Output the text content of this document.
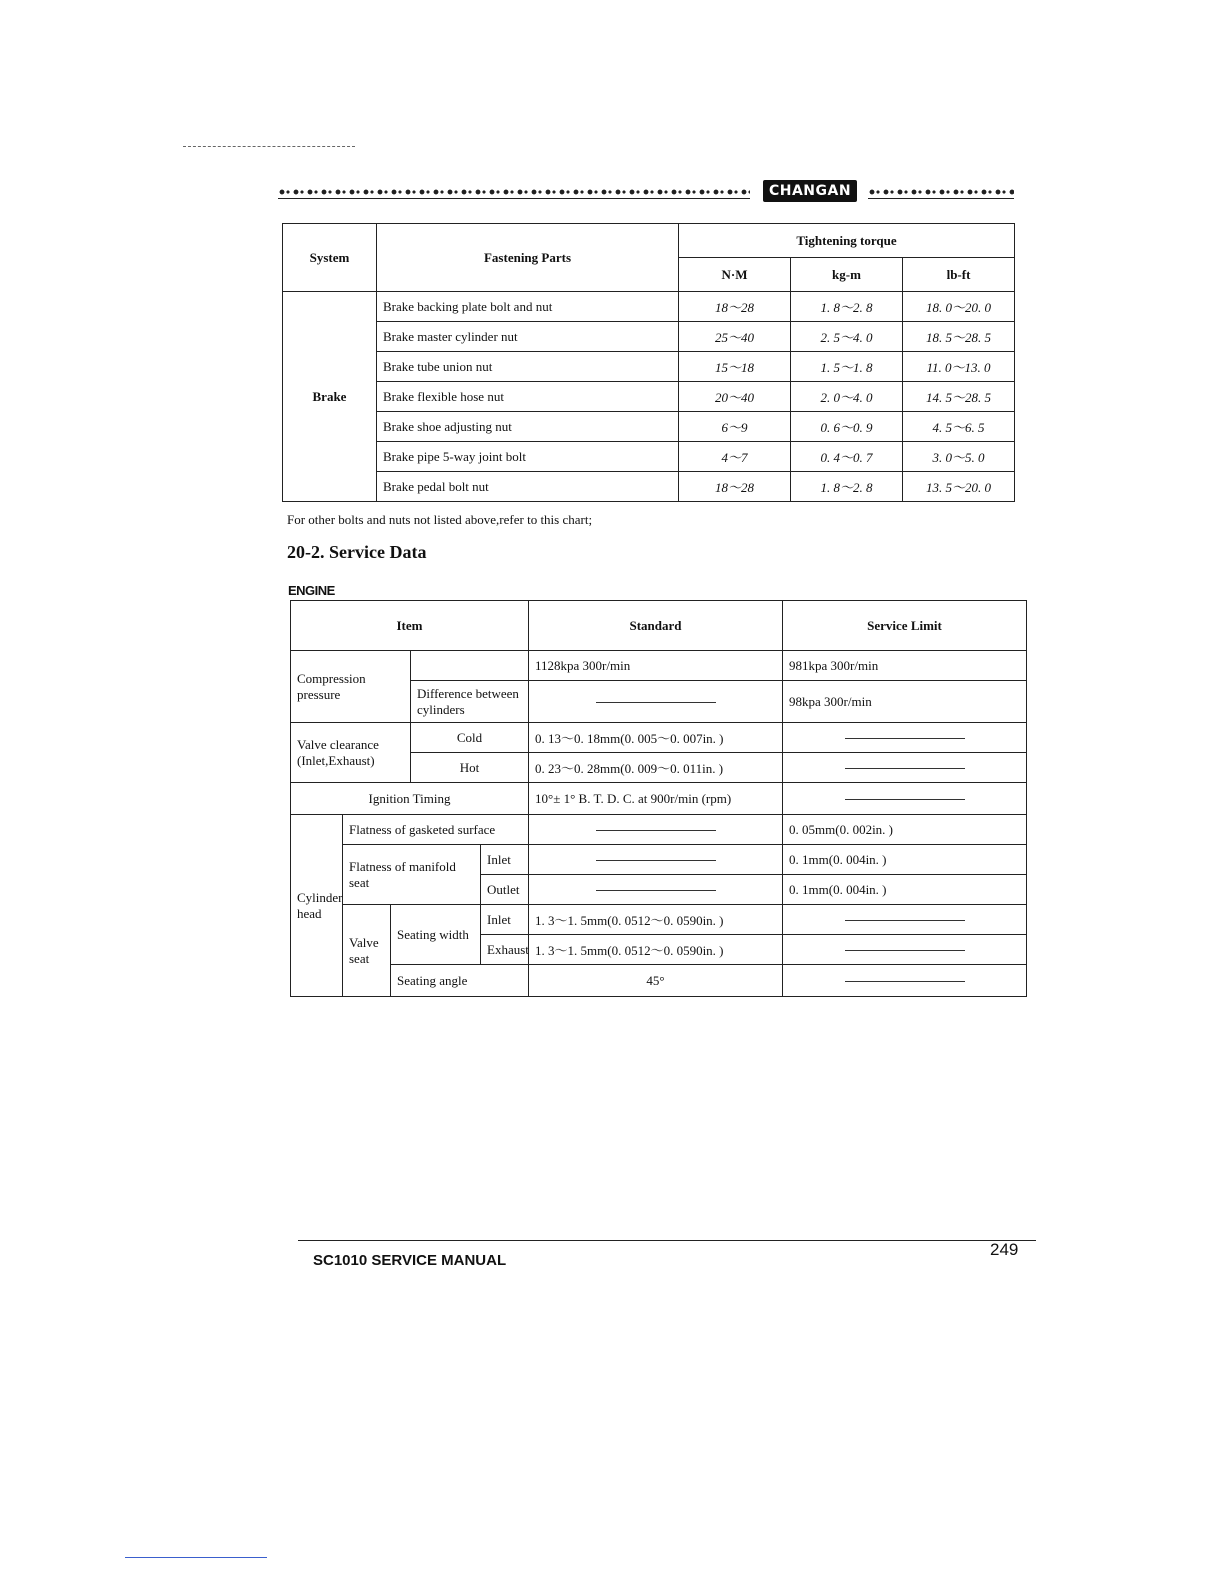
CHANGAN
System	Fastening Parts	Tightening torque		
		N·M	kg-m	lb-ft
Brake	Brake backing plate bolt and nut	18～28	1. 8～2. 8	18. 0～20. 0
	Brake master cylinder nut	25～40	2. 5～4. 0	18. 5～28. 5
	Brake tube union nut	15～18	1. 5～1. 8	11. 0～13. 0
	Brake flexible hose nut	20～40	2. 0～4. 0	14. 5～28. 5
	Brake shoe adjusting nut	6～9	0. 6～0. 9	4. 5～6. 5
	Brake pipe 5-way joint bolt	4～7	0. 4～0. 7	3. 0～5. 0
	Brake pedal bolt nut	18～28	1. 8～2. 8	13. 5～20. 0
For other bolts and nuts not listed above,refer to this chart;
20-2. Service Data
ENGINE
Item					Standard	Service Limit
Compression pressure					1128kpa 300r/min	981kpa 300r/min
			Difference between cylinders			98kpa 300r/min
Valve clearance (Inlet,Exhaust)			Cold		0. 13～0. 18mm(0. 005～0. 007in. )	
			Hot		0. 23～0. 28mm(0. 009～0. 011in. )	
Ignition Timing					10°± 1° B. T. D. C. at 900r/min (rpm)	
Cylinder head	Flatness of gasketed surface					0. 05mm(0. 002in. )
	Flatness of manifold seat			Inlet		0. 1mm(0. 004in. )
				Outlet		0. 1mm(0. 004in. )
	Valve seat	Seating width		Inlet	1. 3～1. 5mm(0. 0512～0. 0590in. )	
				Exhaust	1. 3～1. 5mm(0. 0512～0. 0590in. )	
		Seating angle			45°	
SC1010 SERVICE MANUAL
249
